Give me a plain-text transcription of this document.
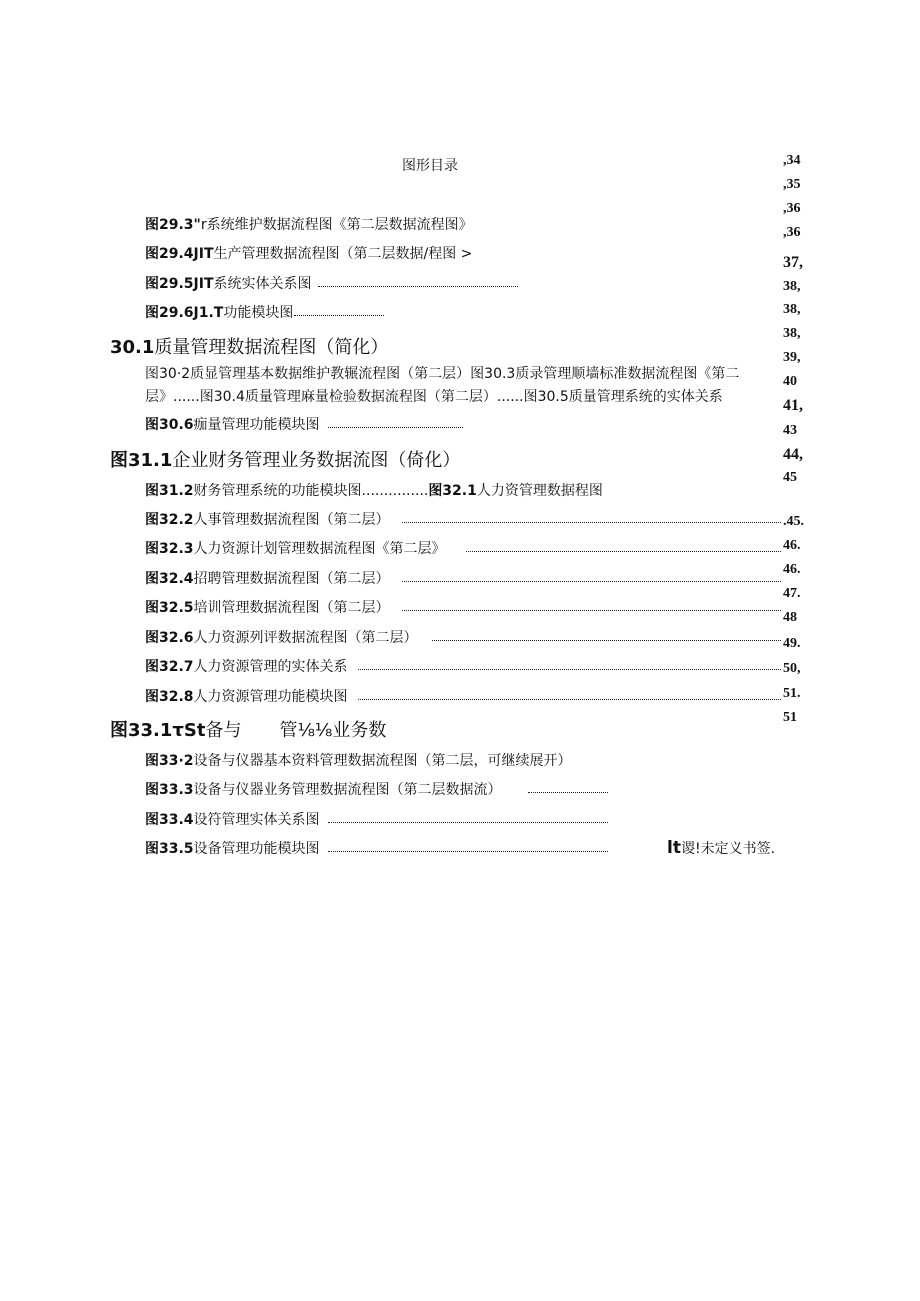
图形目录	,34
,35
,36
,36
37,
38,
38,
38,
39,
40
41,
43
44,
45
.45.
46.
46.
47.
48
49.
50,
51.
51
图29.3"r系统维护数据流程图《第二层数据流程图》
图29.4JIT生产管理数据流程图（第二层数据/程图 >
图29.5JIT系统实体关系图
图29.6J1.T功能模块图
30.1质量管理数据流程图（简化）
图30·2质显管理基本数据维护教辗流程图（第二层）图30.3质录管理顺墙标准数据流程图《第二
层》......图30.4质量管理麻量检验数据流程图（第二层）......图30.5质量管理系统的实体关系
图30.6痂量管理功能模块图
图31.1企业财务管理业务数据流图（倚化）
图31.2财务管理系统的功能模块图...............图32.1人力资管理数据程图
图32.2人事管理数据流程图（第二层）
图32.3人力资源计划管理数据流程图《第二层》
图32.4招聘管理数据流程图（第二层）
图32.5培训管理数据流程图（第二层）
图32.6人力资源列评数据流程图（第二层）
图32.7人力资源管理的实体关系
图32.8人力资源管理功能模块图
图33.1τSt备与 管⅛⅛业务数
图33·2设备与仪器基本资料管理数据流程图（第二层，可继续展开）
图33.3设备与仪器业务管理数据流程图（第二层数据流）
图33.4设符管理实体关系图
图33.5设备管理功能模块图	lt谡!未定义书签.
